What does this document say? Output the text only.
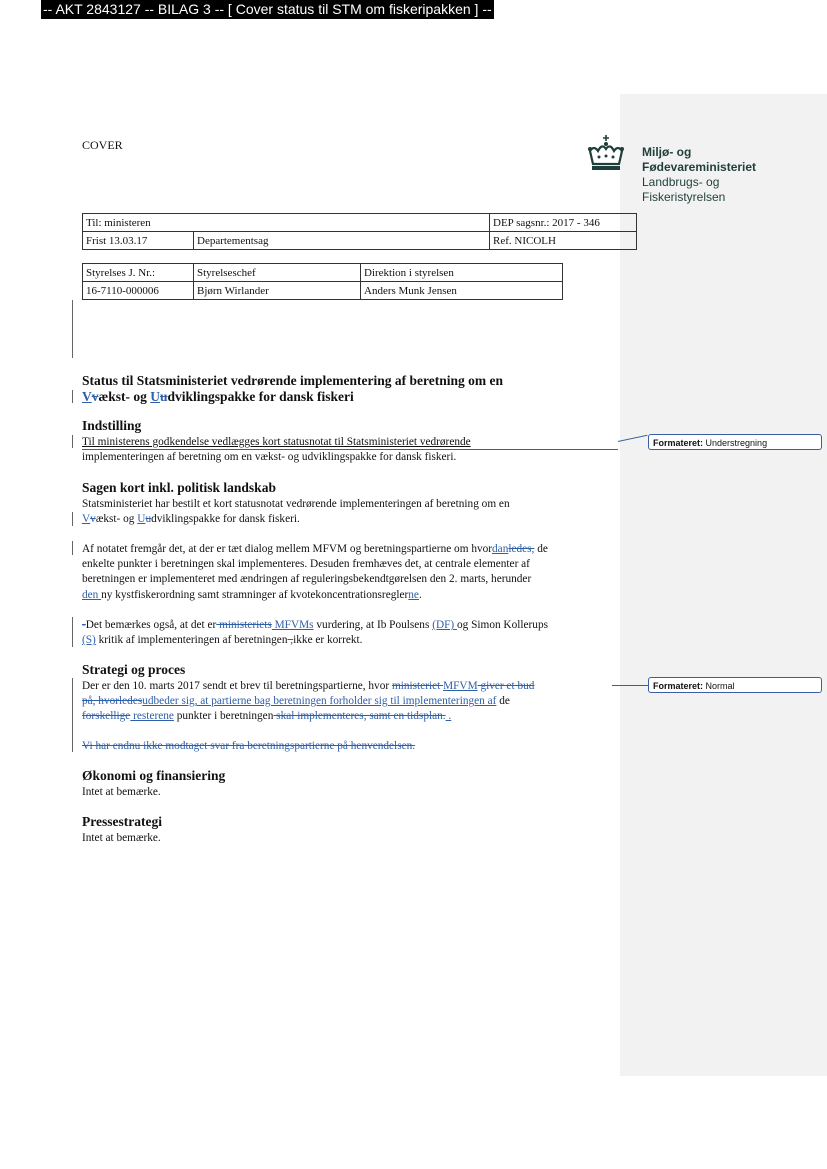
-- AKT 2843127 -- BILAG 3 -- [ Cover status til STM om fiskeripakken ] --
COVER	Miljø- og
Fødevareministeriet
Landbrugs- og
Fiskeristyrelsen
Til: ministeren		DEP sagsnr.: 2017 - 346
Frist 13.03.17	Departementsag	Ref. NICOLH
Styrelses J. Nr.:	Styrelseschef	Direktion i styrelsen
16-7110-000006	Bjørn Wirlander	Anders Munk Jensen
Status til Statsministeriet vedrørende implementering af beretning om en
Vvækst- og Uudviklingspakke for dansk fiskeri
Indstilling
Til ministerens godkendelse vedlægges kort statusnotat til Statsministeriet vedrørende
implementeringen af beretning om en vækst- og udviklingspakke for dansk fiskeri.
Sagen kort inkl. politisk landskab
Statsministeriet har bestilt et kort statusnotat vedrørende implementeringen af beretning om en
Vvækst- og Uudviklingspakke for dansk fiskeri.
Af notatet fremgår det, at der er tæt dialog mellem MFVM og beretningspartierne om hvordanledes, de
enkelte punkter i beretningen skal implementeres. Desuden fremhæves det, at centrale elementer af
beretningen er implementeret med ændringen af reguleringsbekendtgørelsen den 2. marts, herunder
den ny kystfiskerordning samt stramninger af kvotekoncentrationsreglerne.
-Det bemærkes også, at det er ministeriets MFVMs vurdering, at Ib Poulsens (DF) og Simon Kollerups
(S) kritik af implementeringen af beretningen ,ikke er korrekt.
Strategi og proces
Der er den 10. marts 2017 sendt et brev til beretningspartierne, hvor ministeriet MFVM giver et bud
på, hvorledesudbeder sig, at partierne bag beretningen forholder sig til implementeringen af de
forskellige resterene punkter i beretningen skal implementeres, samt en tidsplan. .
Vi har endnu ikke modtaget svar fra beretningspartierne på henvendelsen.
Økonomi og finansiering
Intet at bemærke.
Pressestrategi
Intet at bemærke.
Formateret: Understregning
Formateret: Normal
